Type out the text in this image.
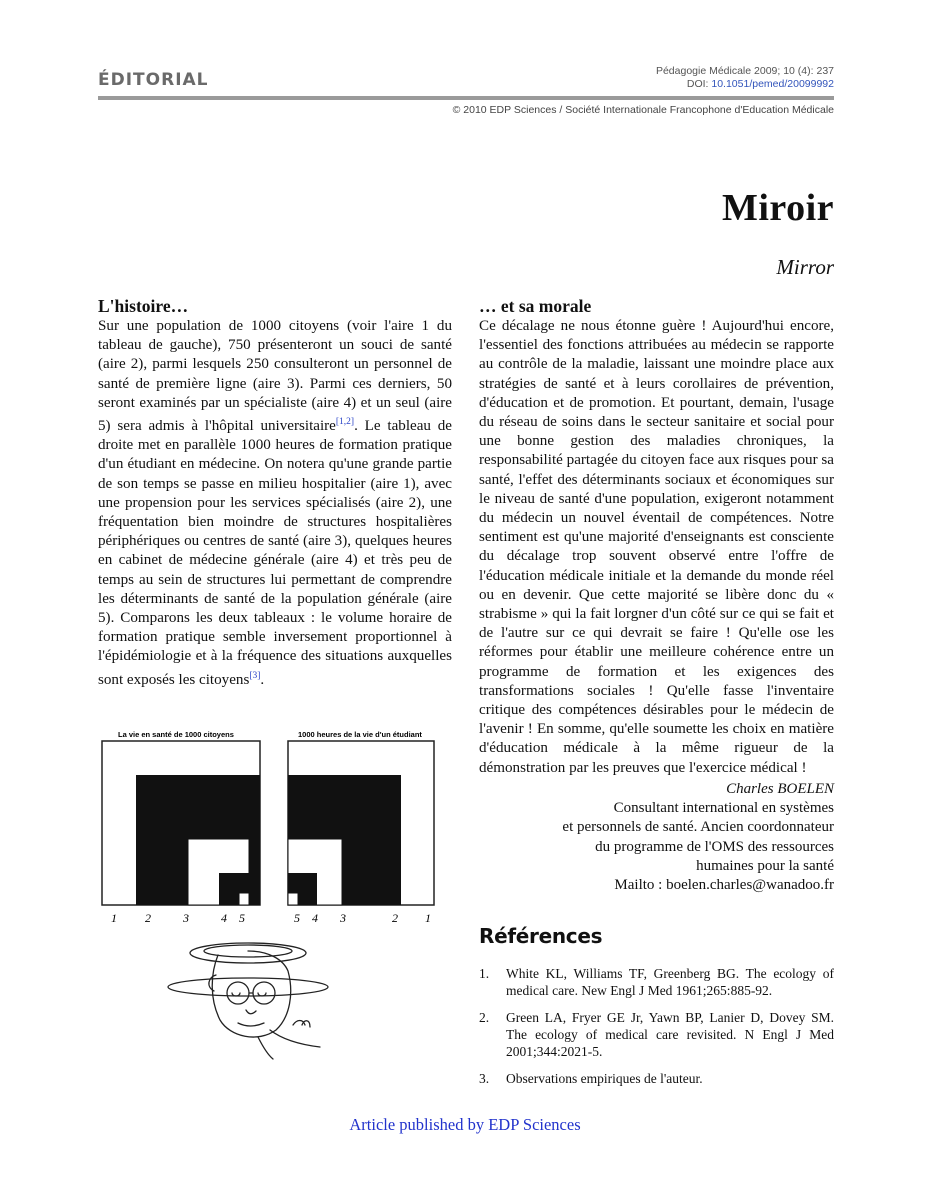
ÉDITORIAL	Pédagogie Médicale 2009; 10 (4): 237
DOI: 10.1051/pemed/20099992
© 2010 EDP Sciences / Société Internationale Francophone d'Education Médicale
Miroir
Mirror
L'histoire…
Sur une population de 1000 citoyens (voir l'aire 1 du tableau de gauche), 750 présenteront un souci de santé (aire 2), parmi lesquels 250 consulteront un personnel de santé de première ligne (aire 3). Parmi ces derniers, 50 seront examinés par un spécialiste (aire 4) et un seul (aire 5) sera admis à l'hôpital universitaire[1,2]. Le tableau de droite met en parallèle 1000 heures de formation pratique d'un étudiant en médecine. On notera qu'une grande partie de son temps se passe en milieu hospitalier (aire 1), avec une propension pour les services spécialisés (aire 2), une fréquentation bien moindre de structures hospitalières périphériques ou centres de santé (aire 3), quelques heures en cabinet de médecine générale (aire 4) et très peu de temps au sein de structures lui permettant de comprendre les déterminants de santé de la population générale (aire 5). Comparons les deux tableaux : le volume horaire de formation pratique semble inversement proportionnel à l'épidémiologie et à la fréquence des situations auxquelles sont exposés les citoyens[3].
La vie en santé de 1000 citoyens	1000 heures de la vie d'un étudiant
1 2	3	4 5	5 4 3	2 1
… et sa morale
Ce décalage ne nous étonne guère ! Aujourd'hui encore, l'essentiel des fonctions attribuées au médecin se rapporte au contrôle de la maladie, laissant une moindre place aux stratégies de santé et à leurs corollaires de prévention, d'éducation et de promotion. Et pourtant, demain, l'usage du réseau de soins dans le secteur sanitaire et social pour une bonne gestion des maladies chroniques, la responsabilité partagée du citoyen face aux risques pour sa santé, l'effet des déterminants sociaux et économiques sur le niveau de santé d'une population, exigeront notamment du médecin un nouvel éventail de compétences. Notre sentiment est qu'une majorité d'enseignants est consciente du décalage trop souvent observé entre l'offre de l'éducation médicale initiale et la demande du monde réel ou en devenir. Que cette majorité se libère donc du « strabisme » qui la fait lorgner d'un côté sur ce qui se fait et de l'autre sur ce qui devrait se faire ! Qu'elle ose les réformes pour établir une meilleure cohérence entre un programme de formation et les exigences des transformations sociales ! Qu'elle fasse l'inventaire critique des compétences désirables pour le médecin de l'avenir ! En somme, qu'elle soumette les choix en matière d'éducation médicale à la même rigueur de la démonstration par les preuves que l'exercice médical !
Charles BOELEN
Consultant international en systèmes
et personnels de santé. Ancien coordonnateur
du programme de l'OMS des ressources
humaines pour la santé
Mailto : boelen.charles@wanadoo.fr
Références
1.	White KL, Williams TF, Greenberg BG. The ecology of medical care. New Engl J Med 1961;265:885-92.
2.	Green LA, Fryer GE Jr, Yawn BP, Lanier D, Dovey SM. The ecology of medical care revisited. N Engl J Med 2001;344:2021-5.
3.	Observations empiriques de l'auteur.
Article published by EDP Sciences
